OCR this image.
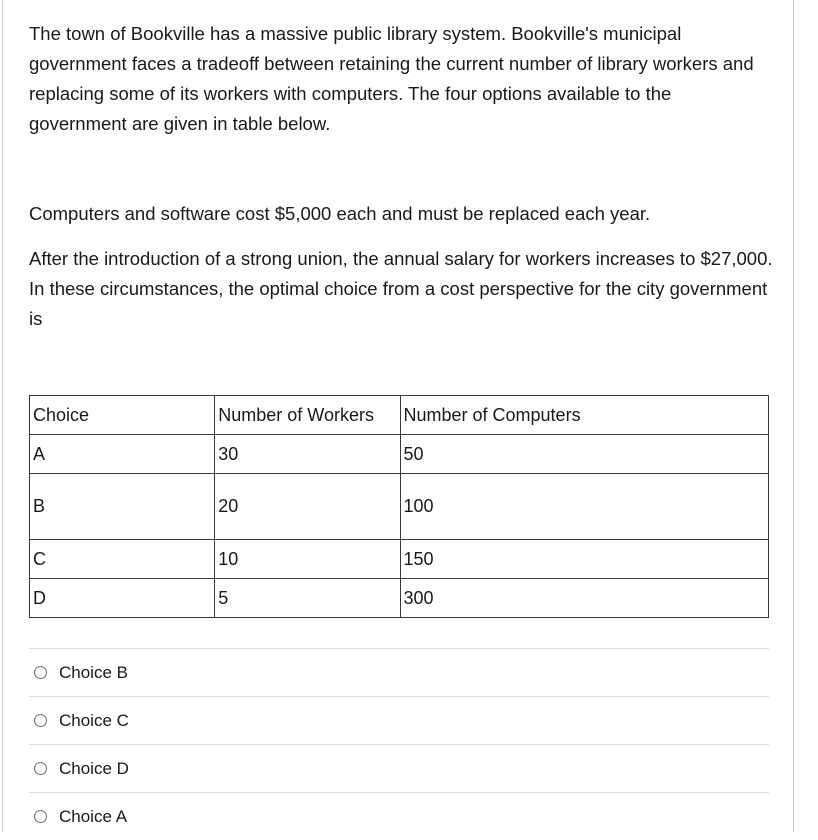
The town of Bookville has a massive public library system. Bookville's municipal government faces a tradeoff between retaining the current number of library workers and replacing some of its workers with computers. The four options available to the government are given in table below.

Computers and software cost $5,000 each and must be replaced each year.

After the introduction of a strong union, the annual salary for workers increases to $27,000. In these circumstances, the optimal choice from a cost perspective for the city government is

Choice	Number of Workers	Number of Computers
A	30	50
B	20	100
C	10	150
D	5	300
Choice B
Choice C
Choice D
Choice A
